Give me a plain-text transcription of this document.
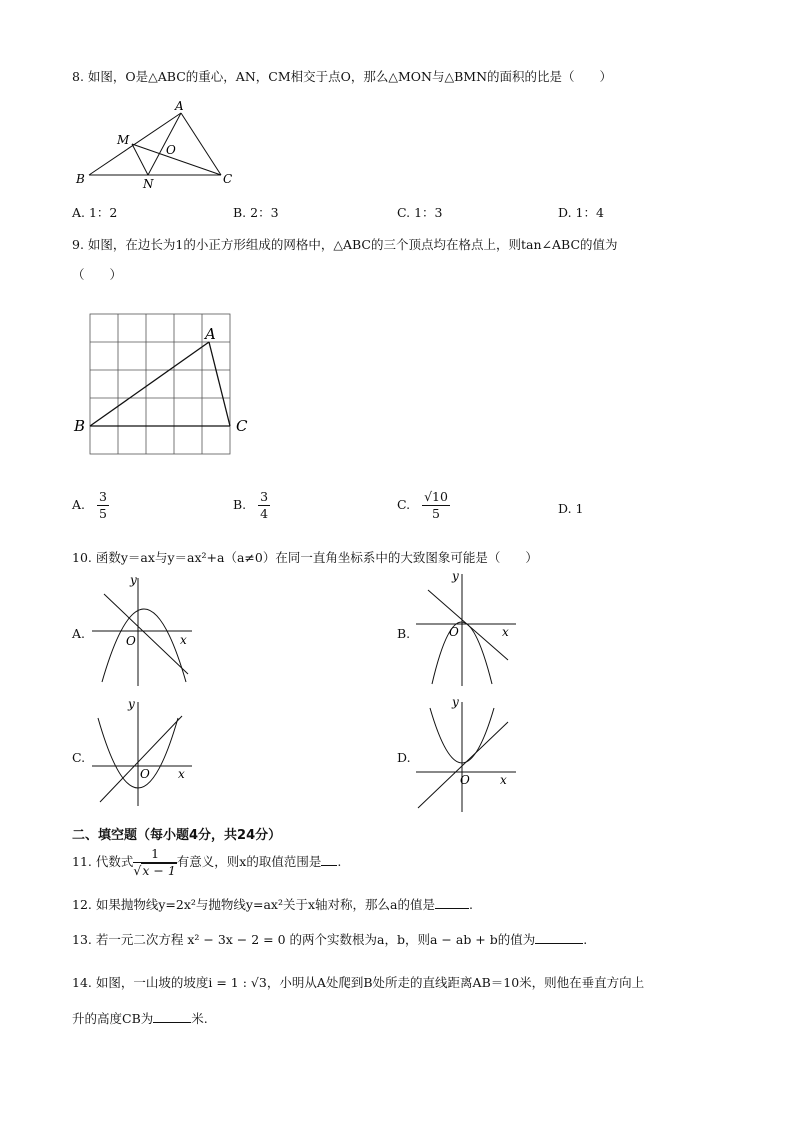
8. 如图，O是△ABC的重心，AN，CM相交于点O，那么△MON与△BMN的面积的比是（　　）
A
B	C
M
N
O
A. 1：2	B. 2：3	C. 1：3	D. 1：4
9. 如图，在边长为1的小正方形组成的网格中，△ABC的三个顶点均在格点上，则tan∠ABC的值为
（　　）
A
B	C
A. $\frac{3}{5}$	B. $\frac{3}{4}$	C. $\frac{√10}{5}$	D. 1
10. 函数y＝ax与y＝ax²+a（a≠0）在同一直角坐标系中的大致图象可能是（　　）
A.
y
x
O	B.
y
x
O
C.
y
x
O
D.
y
x
O
二、填空题（每小题4分，共24分）
11. 代数式 $\frac{1}{√x - 1}$ 有意义，则x的取值范围是 .
12. 如果抛物线y=2x²与抛物线y=ax²关于x轴对称，那么a的值是	.
13. 若一元二次方程 x² − 3x − 2 = 0 的两个实数根为a，b，则a − ab + b的值为	.
14. 如图，一山坡的坡度i = 1 : √3，小明从A处爬到B处所走的直线距离AB＝10米，则他在垂直方向上
升的高度CB为	米.
